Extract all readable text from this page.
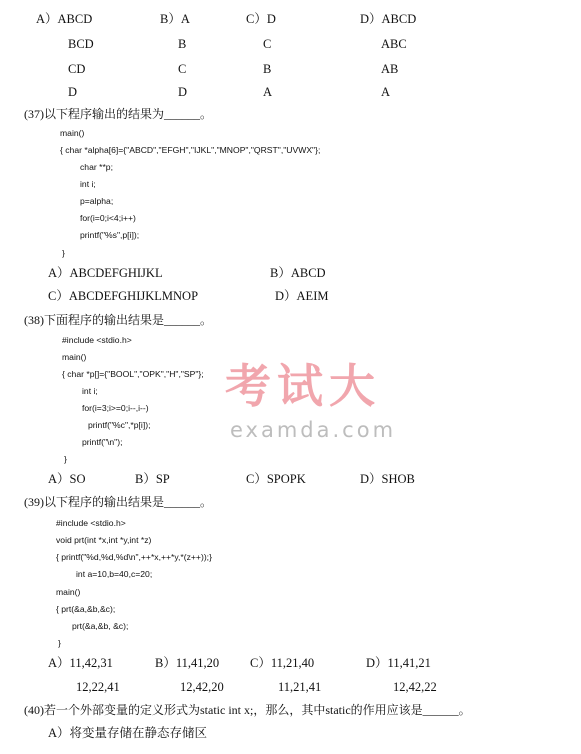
A）ABCD	B）A	C）D	D）ABCD
BCD	B	C	ABC
CD	C	B	AB
D	D	A	A
(37)以下程序输出的结果为______。
main()
{ char *alpha[6]={"ABCD","EFGH","IJKL","MNOP","QRST","UVWX"};
char **p;
int i;
p=alpha;
for(i=0;i<4;i++)
printf("%s",p[i]);
}
A）ABCDEFGHIJKL	B）ABCD
C）ABCDEFGHIJKLMNOP	D）AEIM
(38)下面程序的输出结果是______。
#include <stdio.h>
main()
{ char *p[]={"BOOL","OPK","H","SP"};
int i;
for(i=3;i>=0;i--,i--)
printf("%c",*p[i]);
printf("\n");
}
A）SO	B）SP	C）SPOPK	D）SHOB
(39)以下程序的输出结果是______。
#include <stdio.h>
void prt(int *x,int *y,int *z)
{ printf("%d,%d,%d\n",++*x,++*y,*(z++));}
int a=10,b=40,c=20;
main()
{ prt(&a,&b,&c);
prt(&a,&b, &c);
}
A）11,42,31	B）11,41,20 C）11,21,40	D）11,41,21
12,22,41	12,42,20	11,21,41	12,42,22
(40)若一个外部变量的定义形式为static int x;，那么，其中static的作用应该是______。
A）将变量存储在静态存储区
考试大
examda.com
